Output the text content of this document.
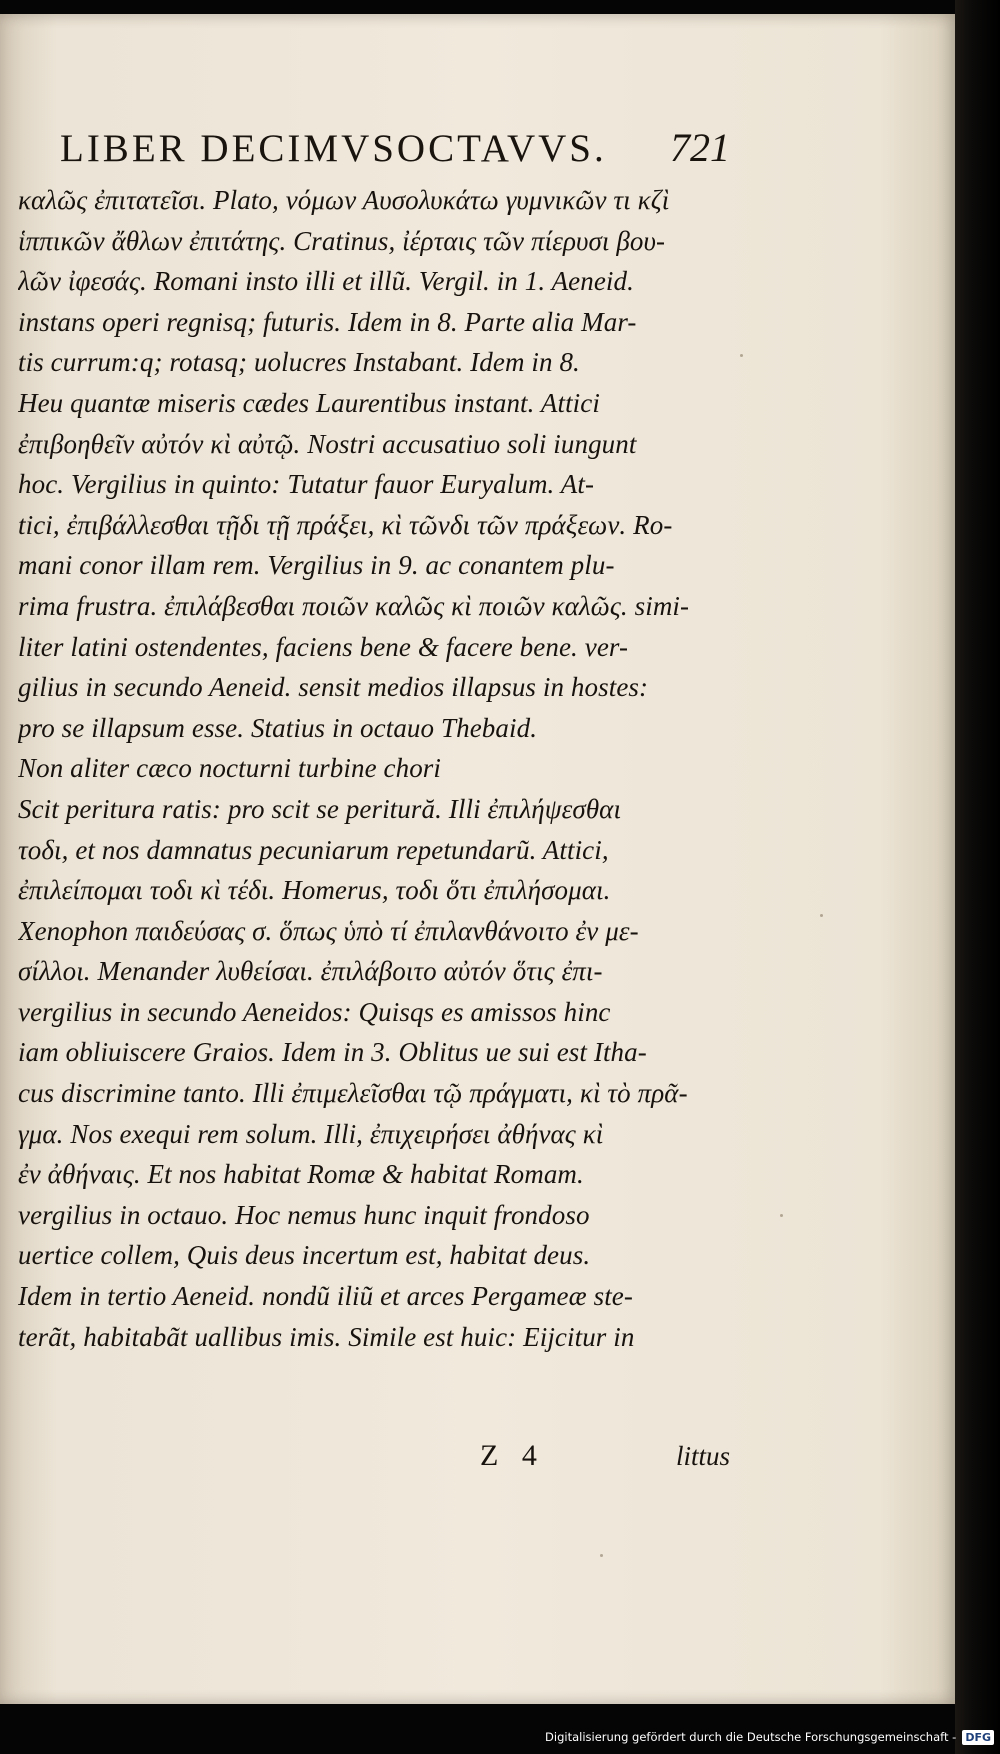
LIBER DECIMVSOCTAVVS. 721
καλῶς ἐπιτατεῖσι. Plato, νόμων Αυσολυκάτω γυμνικῶν τι κζὶ
ἱππικῶν ἄθλων ἐπιτάτης. Cratinus, ἰέρταις τῶν πίερυσι βου-
λῶν ἰφεσάς. Romani insto illi et illũ. Vergil. in 1. Aeneid.
instans operi regnisq; futuris. Idem in 8. Parte alia Mar-
tis currum:q; rotasq; uolucres Instabant. Idem in 8.
Heu quantæ miseris cædes Laurentibus instant. Attici
ἐπιβοηθεῖν αὐτόν κὶ αὐτῷ. Nostri accusatiuo soli iungunt
hoc. Vergilius in quinto: Tutatur fauor Euryalum. At-
tici, ἐπιβάλλεσθαι τῇδι τῇ πράξει, κὶ τῶνδι τῶν πράξεων. Ro-
mani conor illam rem. Vergilius in 9. ac conantem plu-
rima frustra. ἐπιλάβεσθαι ποιῶν καλῶς κὶ ποιῶν καλῶς. simi-
liter latini ostendentes, faciens bene & facere bene. ver-
gilius in secundo Aeneid. sensit medios illapsus in hostes:
pro se illapsum esse. Statius in octauo Thebaid.
Non aliter cæco nocturni turbine chori
Scit peritura ratis: pro scit se peritură. Illi ἐπιλήψεσθαι
τοδι, et nos damnatus pecuniarum repetundarũ. Attici,
ἐπιλείπομαι τοδι κὶ τέδι. Homerus, τοδι ὅτι ἐπιλήσομαι.
Xenophon παιδεύσας σ. ὅπως ὑπὸ τί ἐπιλανθάνοιτο ἐν με-
σίλλοι. Menander λυθείσαι. ἐπιλάβοιτο αὐτόν ὅτις ἐπι-
vergilius in secundo Aeneidos: Quisqs es amissos hinc
iam obliuiscere Graios. Idem in 3. Oblitus ue sui est Itha-
cus discrimine tanto. Illi ἐπιμελεῖσθαι τῷ πράγματι, κὶ τὸ πρᾶ-
γμα. Nos exequi rem solum. Illi, ἐπιχειρήσει ἀθήνας κὶ
ἐν ἀθήναις. Et nos habitat Romæ & habitat Romam.
vergilius in octauo. Hoc nemus hunc inquit frondoso
uertice collem, Quis deus incertum est, habitat deus.
Idem in tertio Aeneid. nondũ iliũ et arces Pergameæ ste-
terãt, habitabãt uallibus imis. Simile est huic: Eijcitur in
Z 4	littus
Digitalisierung gefördert durch die Deutsche Forschungsgemeinschaft - DFG
